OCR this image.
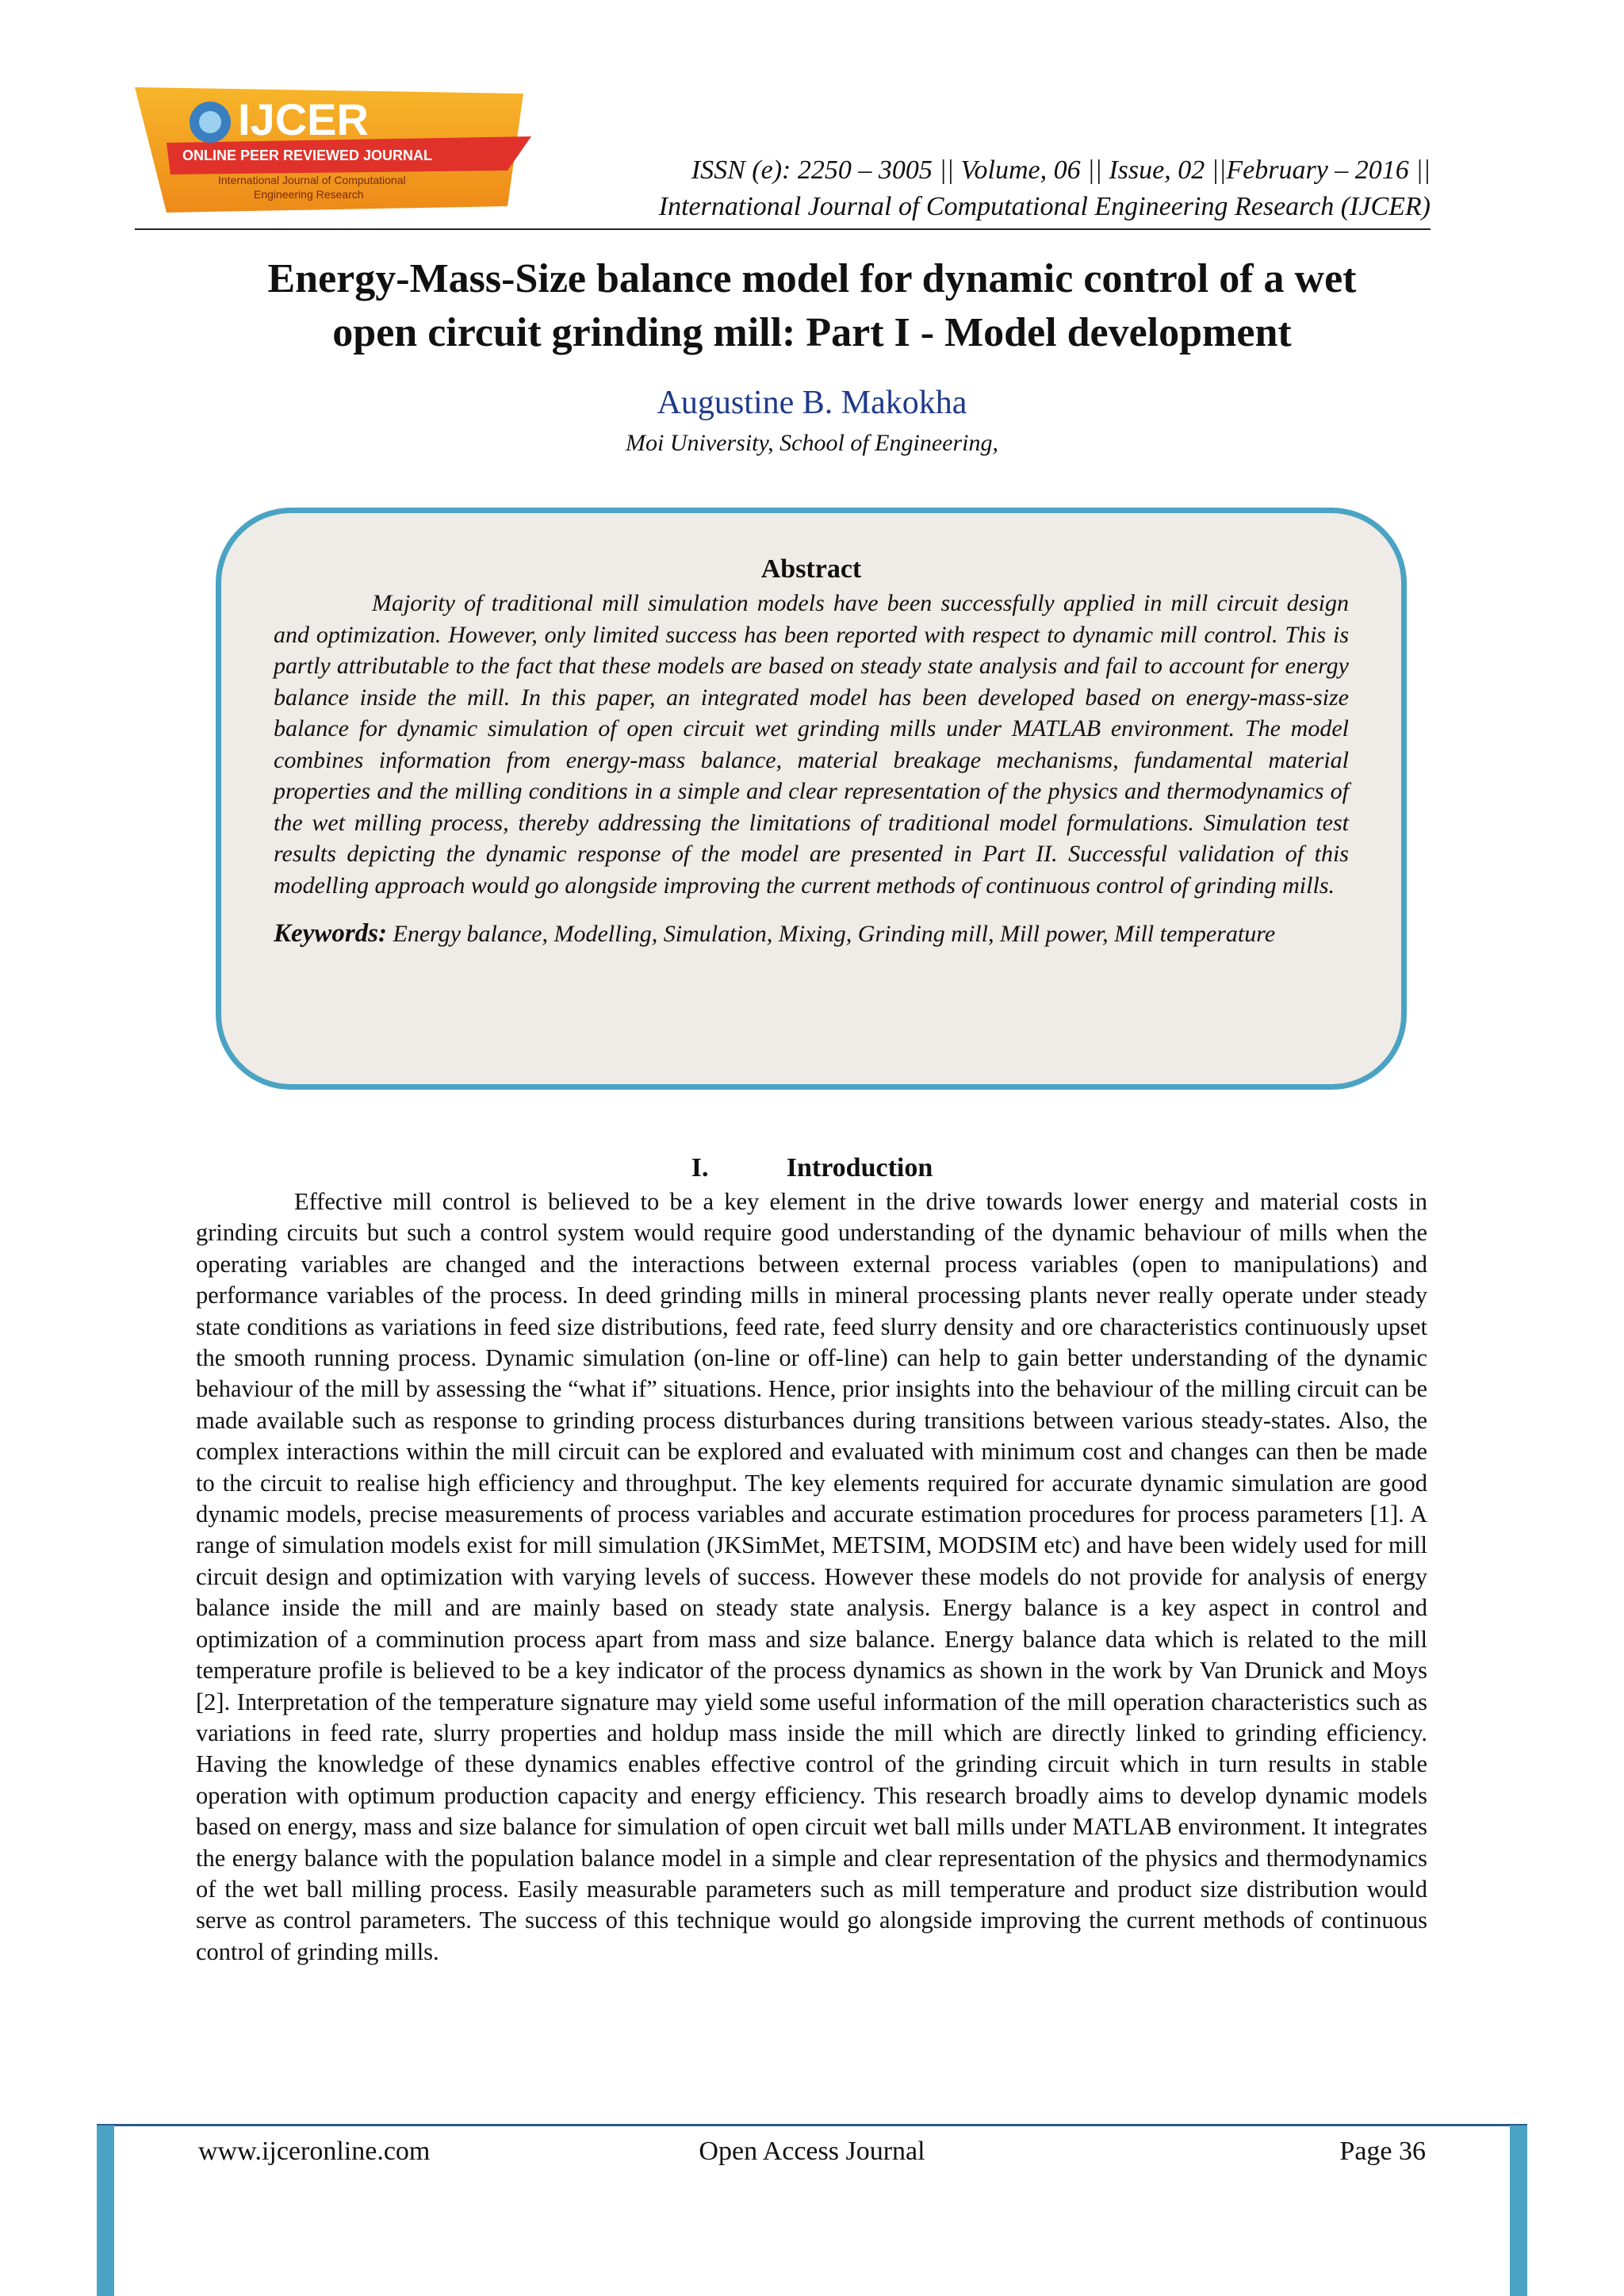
IJCER
ONLINE PEER REVIEWED JOURNAL
International Journal of Computational
Engineering Research
ISSN (e): 2250 – 3005 || Volume, 06 || Issue, 02 ||February – 2016 ||
International Journal of Computational Engineering Research (IJCER)
Energy-Mass-Size balance model for dynamic control of a wet
open circuit grinding mill: Part I - Model development
Augustine B. Makokha
Moi University, School of Engineering,
Abstract
Majority of traditional mill simulation models have been successfully applied in mill circuit design and optimization. However, only limited success has been reported with respect to dynamic mill control. This is partly attributable to the fact that these models are based on steady state analysis and fail to account for energy balance inside the mill. In this paper, an integrated model has been developed based on energy-mass-size balance for dynamic simulation of open circuit wet grinding mills under MATLAB environment. The model combines information from energy-mass balance, material breakage mechanisms, fundamental material properties and the milling conditions in a simple and clear representation of the physics and thermodynamics of the wet milling process, thereby addressing the limitations of traditional model formulations. Simulation test results depicting the dynamic response of the model are presented in Part II. Successful validation of this modelling approach would go alongside improving the current methods of continuous control of grinding mills.
Keywords: Energy balance, Modelling, Simulation, Mixing, Grinding mill, Mill power, Mill temperature
I.	Introduction
Effective mill control is believed to be a key element in the drive towards lower energy and material costs in grinding circuits but such a control system would require good understanding of the dynamic behaviour of mills when the operating variables are changed and the interactions between external process variables (open to manipulations) and performance variables of the process. In deed grinding mills in mineral processing plants never really operate under steady state conditions as variations in feed size distributions, feed rate, feed slurry density and ore characteristics continuously upset the smooth running process. Dynamic simulation (on-line or off-line) can help to gain better understanding of the dynamic behaviour of the mill by assessing the “what if” situations. Hence, prior insights into the behaviour of the milling circuit can be made available such as response to grinding process disturbances during transitions between various steady-states. Also, the complex interactions within the mill circuit can be explored and evaluated with minimum cost and changes can then be made to the circuit to realise high efficiency and throughput. The key elements required for accurate dynamic simulation are good dynamic models, precise measurements of process variables and accurate estimation procedures for process parameters [1]. A range of simulation models exist for mill simulation (JKSimMet, METSIM, MODSIM etc) and have been widely used for mill circuit design and optimization with varying levels of success. However these models do not provide for analysis of energy balance inside the mill and are mainly based on steady state analysis. Energy balance is a key aspect in control and optimization of a comminution process apart from mass and size balance. Energy balance data which is related to the mill temperature profile is believed to be a key indicator of the process dynamics as shown in the work by Van Drunick and Moys [2]. Interpretation of the temperature signature may yield some useful information of the mill operation characteristics such as variations in feed rate, slurry properties and holdup mass inside the mill which are directly linked to grinding efficiency. Having the knowledge of these dynamics enables effective control of the grinding circuit which in turn results in stable operation with optimum production capacity and energy efficiency. This research broadly aims to develop dynamic models based on energy, mass and size balance for simulation of open circuit wet ball mills under MATLAB environment. It integrates the energy balance with the population balance model in a simple and clear representation of the physics and thermodynamics of the wet ball milling process. Easily measurable parameters such as mill temperature and product size distribution would serve as control parameters. The success of this technique would go alongside improving the current methods of continuous control of grinding mills.
www.ijceronline.com	Open Access Journal	Page 36
